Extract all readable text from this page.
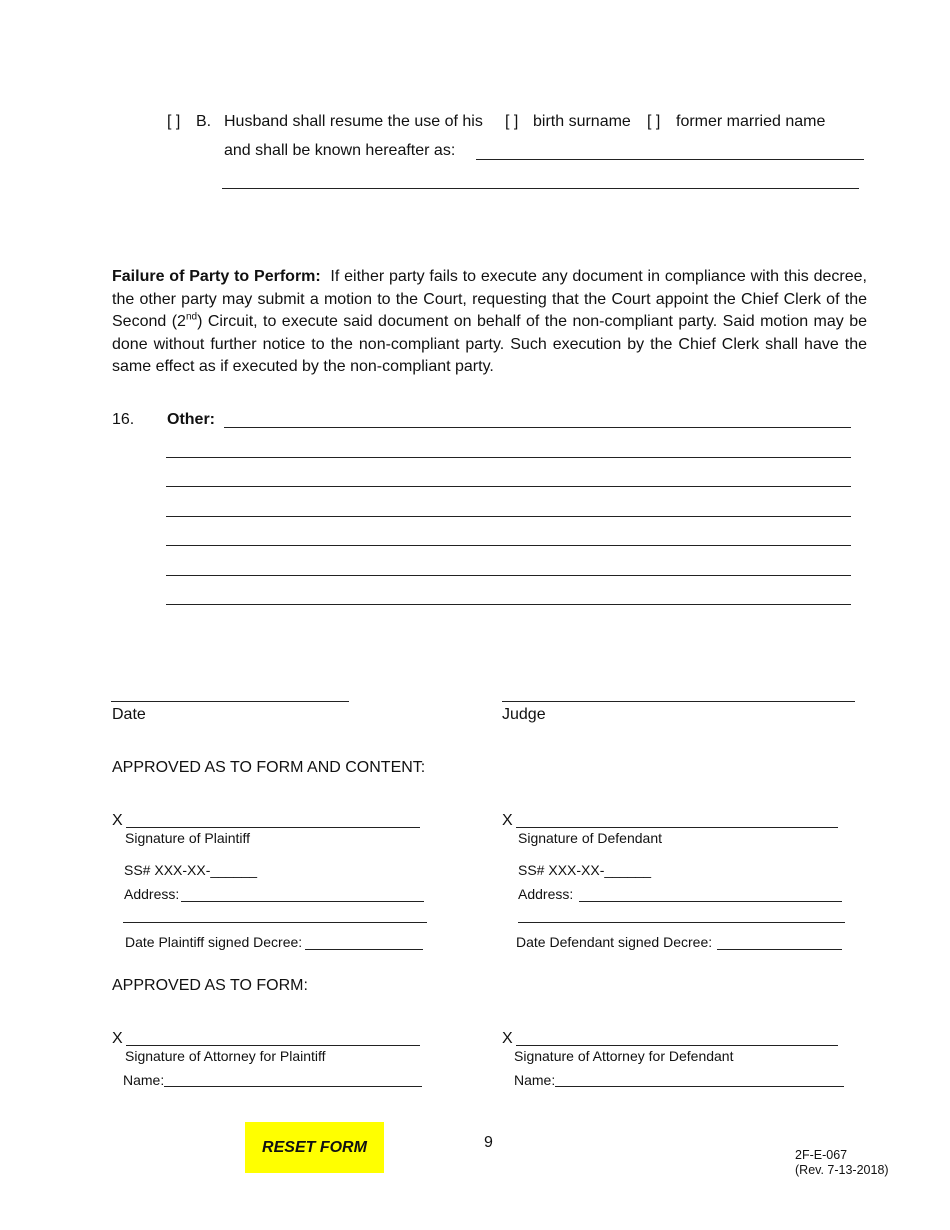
[ ] B. Husband shall resume the use of his [ ] birth surname [ ] former married name
and shall be known hereafter as:
Failure of Party to Perform: If either party fails to execute any document in compliance with this decree, the other party may submit a motion to the Court, requesting that the Court appoint the Chief Clerk of the Second (2nd) Circuit, to execute said document on behalf of the non-compliant party. Said motion may be done without further notice to the non-compliant party. Such execution by the Chief Clerk shall have the same effect as if executed by the non-compliant party.
16. Other:
Date	Judge
APPROVED AS TO FORM AND CONTENT:
X
Signature of Plaintiff
SS# XXX-XX-______
Address:
Date Plaintiff signed Decree:
X
Signature of Defendant
SS# XXX-XX-______
Address:
Date Defendant signed Decree:
APPROVED AS TO FORM:
X
Signature of Attorney for Plaintiff
Name:
X
Signature of Attorney for Defendant
Name:
RESET FORM	9
2F-E-067
(Rev. 7-13-2018)
